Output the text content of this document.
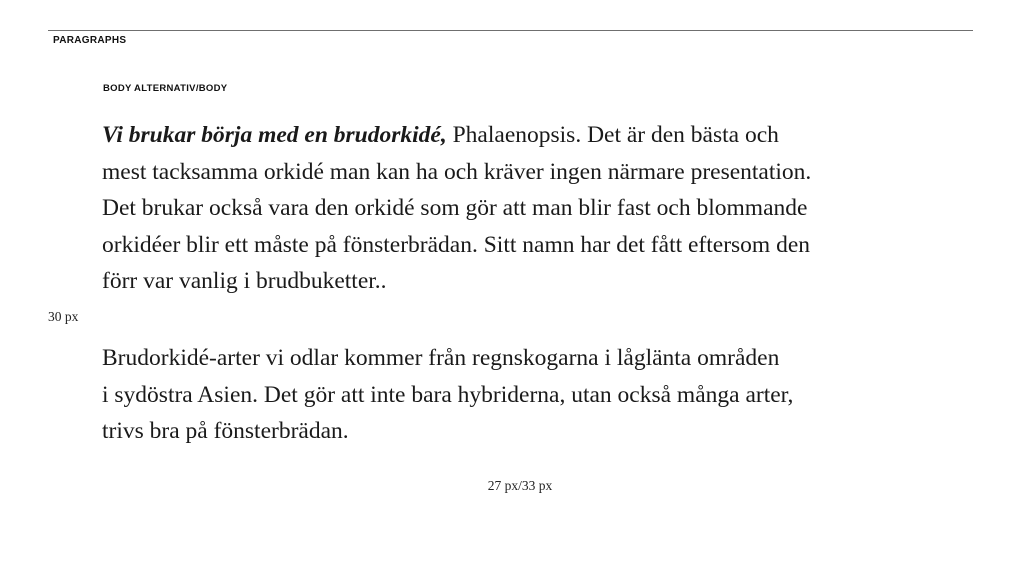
PARAGRAPHS
BODY ALTERNATIV/BODY

Vi brukar börja med en brudorkidé, Phalaenopsis. Det är den bästa och
mest tacksamma orkidé man kan ha och kräver ingen närmare presentation.
Det brukar också vara den orkidé som gör att man blir fast och blommande
orkidéer blir ett måste på fönsterbrädan. Sitt namn har det fått eftersom den
förr var vanlig i brudbuketter..

30 px

Brudorkidé-arter vi odlar kommer från regnskogarna i låglänta områden
i sydöstra Asien. Det gör att inte bara hybriderna, utan också många arter,
trivs bra på fönsterbrädan.

27 px/33 px
